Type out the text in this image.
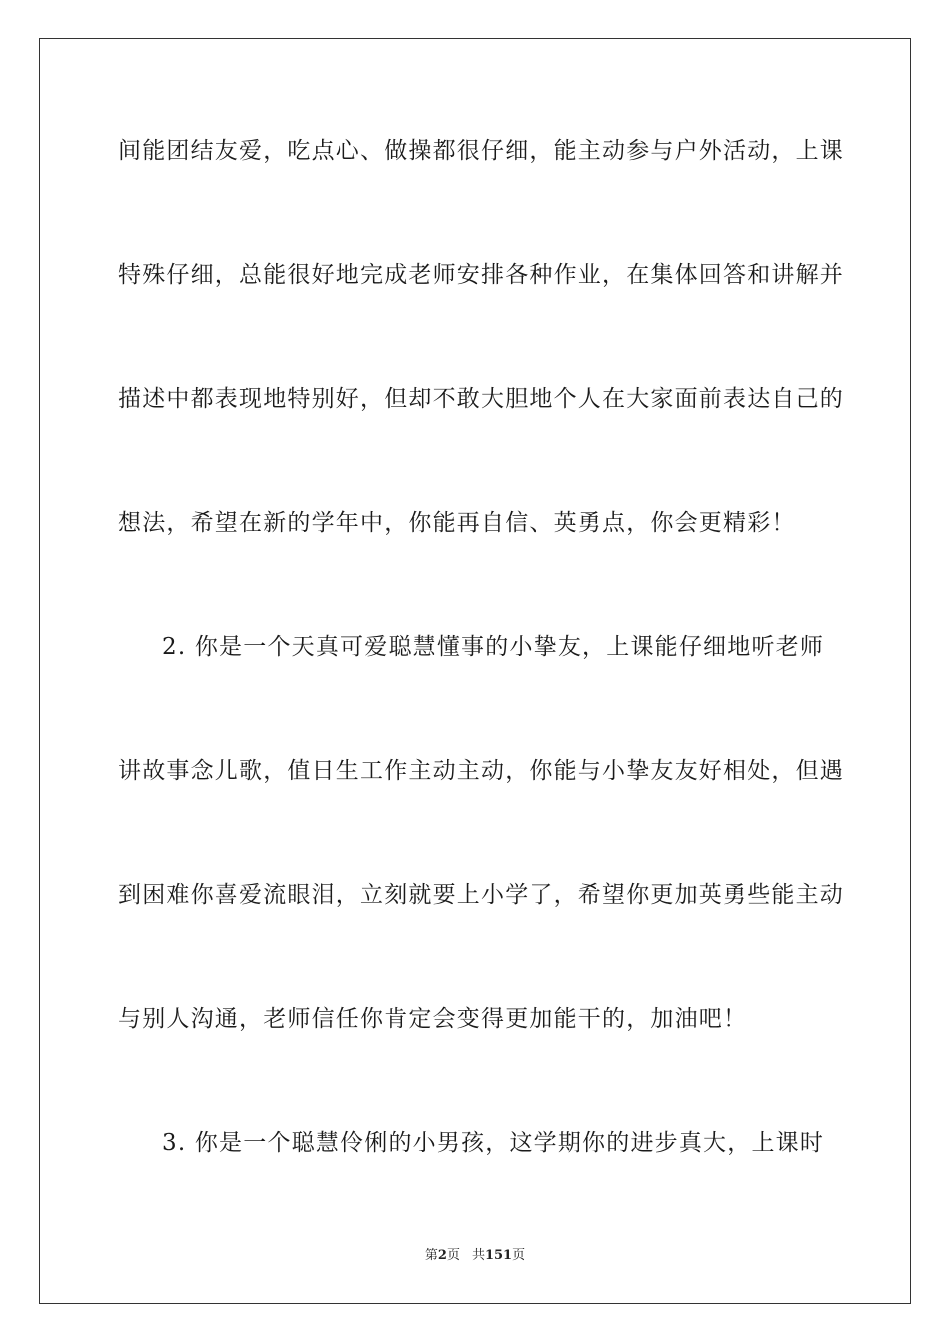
间能团结友爱，吃点心、做操都很仔细，能主动参与户外活动，上课
特殊仔细，总能很好地完成老师安排各种作业，在集体回答和讲解并
描述中都表现地特别好，但却不敢大胆地个人在大家面前表达自己的
想法，希望在新的学年中，你能再自信、英勇点，你会更精彩！
2. 你是一个天真可爱聪慧懂事的小挚友，上课能仔细地听老师
讲故事念儿歌，值日生工作主动主动，你能与小挚友友好相处，但遇
到困难你喜爱流眼泪，立刻就要上小学了，希望你更加英勇些能主动
与别人沟通，老师信任你肯定会变得更加能干的，加油吧！
3. 你是一个聪慧伶俐的小男孩，这学期你的进步真大，上课时
第2页 共151页
